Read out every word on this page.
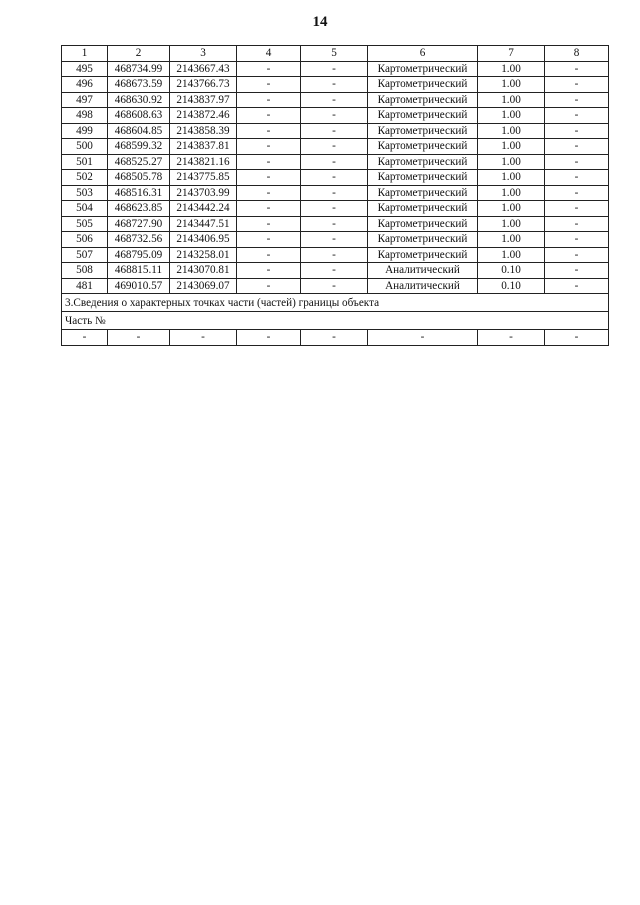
14
1	2	3	4	5	6	7	8
495	468734.99	2143667.43	-	-	Картометрический	1.00	-
496	468673.59	2143766.73	-	-	Картометрический	1.00	-
497	468630.92	2143837.97	-	-	Картометрический	1.00	-
498	468608.63	2143872.46	-	-	Картометрический	1.00	-
499	468604.85	2143858.39	-	-	Картометрический	1.00	-
500	468599.32	2143837.81	-	-	Картометрический	1.00	-
501	468525.27	2143821.16	-	-	Картометрический	1.00	-
502	468505.78	2143775.85	-	-	Картометрический	1.00	-
503	468516.31	2143703.99	-	-	Картометрический	1.00	-
504	468623.85	2143442.24	-	-	Картометрический	1.00	-
505	468727.90	2143447.51	-	-	Картометрический	1.00	-
506	468732.56	2143406.95	-	-	Картометрический	1.00	-
507	468795.09	2143258.01	-	-	Картометрический	1.00	-
508	468815.11	2143070.81	-	-	Аналитический	0.10	-
481	469010.57	2143069.07	-	-	Аналитический	0.10	-
3.Сведения о характерных точках части (частей) границы объекта							
Часть №							
-	-	-	-	-	-	-	-
